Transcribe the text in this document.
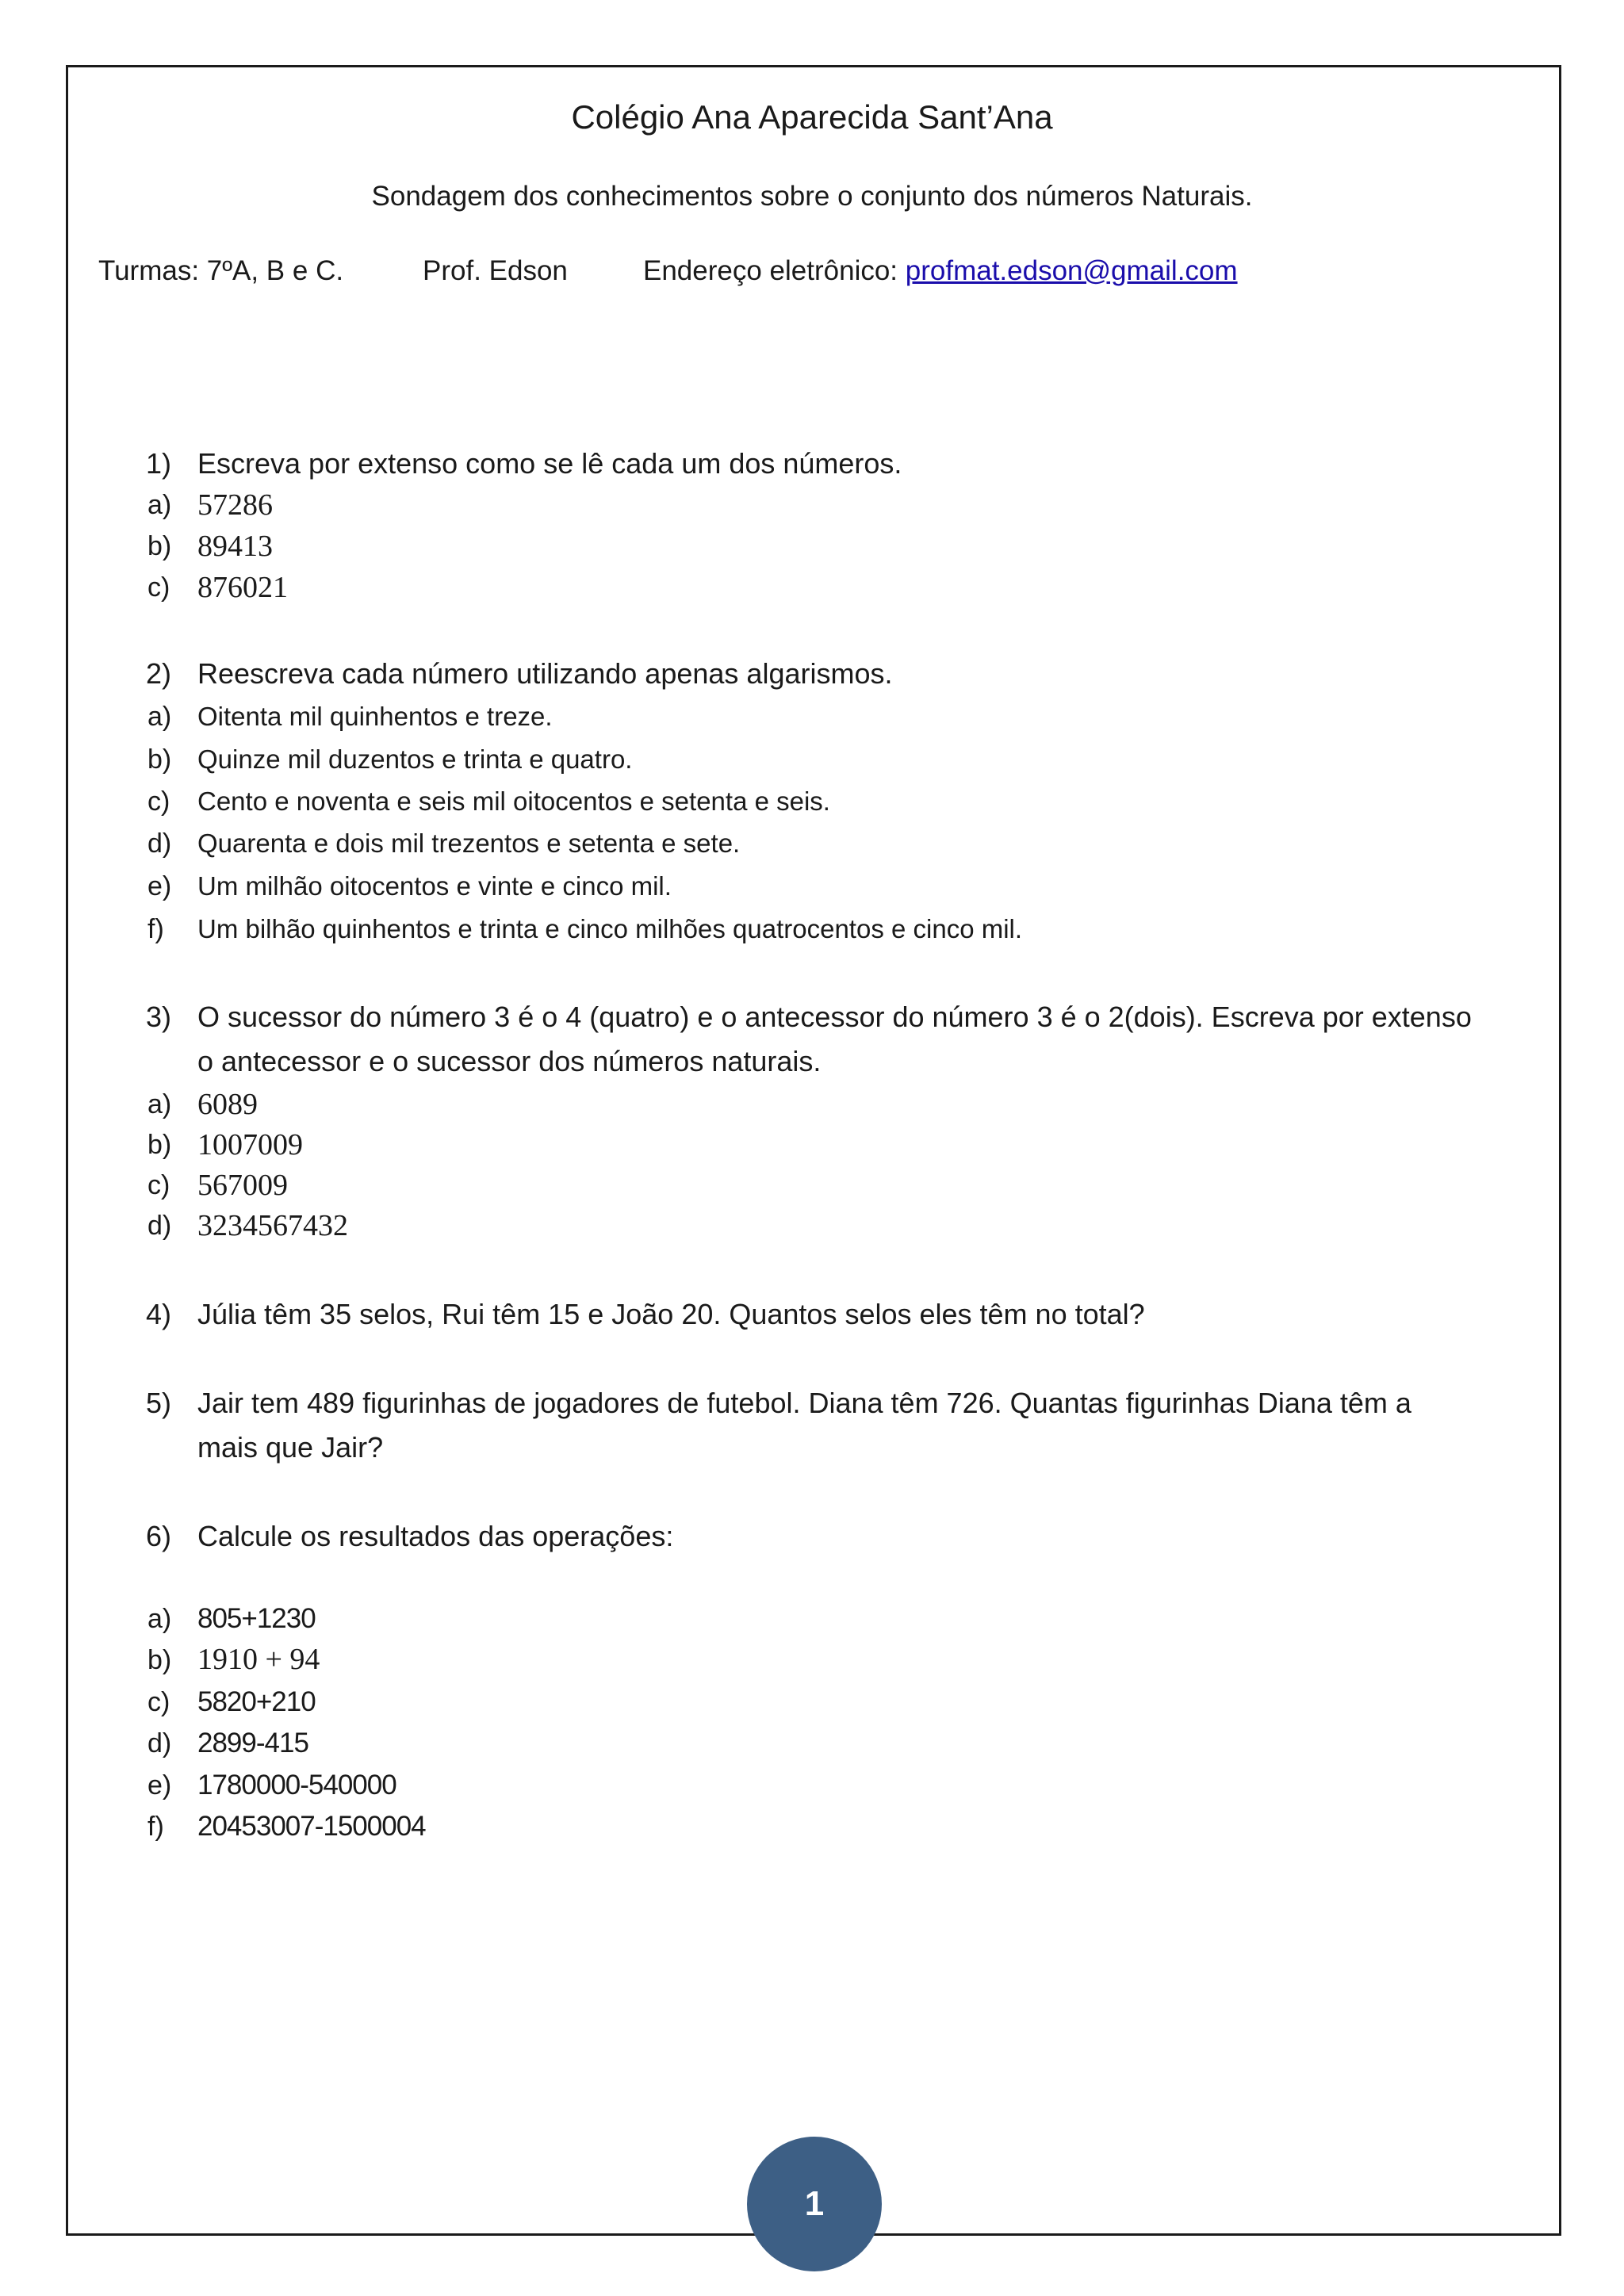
Colégio Ana Aparecida Sant’Ana
Sondagem dos conhecimentos sobre o conjunto dos números Naturais.
Turmas: 7ºA, B e C.	Prof. Edson	Endereço eletrônico: profmat.edson@gmail.com
1) Escreva por extenso como se lê cada um dos números.
a) 57286
b) 89413
c) 876021
2) Reescreva cada número utilizando apenas algarismos.
a) Oitenta mil quinhentos e treze.
b) Quinze mil duzentos e trinta e quatro.
c) Cento e noventa e seis mil oitocentos e setenta e seis.
d) Quarenta e dois mil trezentos e setenta e sete.
e) Um milhão oitocentos e vinte e cinco mil.
f) Um bilhão quinhentos e trinta e cinco milhões quatrocentos e cinco mil.
3) O sucessor do número 3 é o 4 (quatro) e o antecessor do número 3 é o 2(dois). Escreva por extenso
o antecessor e o sucessor dos números naturais.
a) 6089
b) 1007009
c) 567009
d) 3234567432
4) Júlia têm 35 selos, Rui têm 15 e João 20. Quantos selos eles têm no total?
5) Jair tem 489 figurinhas de jogadores de futebol. Diana têm 726. Quantas figurinhas Diana têm a
mais que Jair?
6) Calcule os resultados das operações:
a) 805+1230
b) 1910 + 94
c) 5820+210
d) 2899-415
e) 1780000-540000
f) 20453007-1500004
1
